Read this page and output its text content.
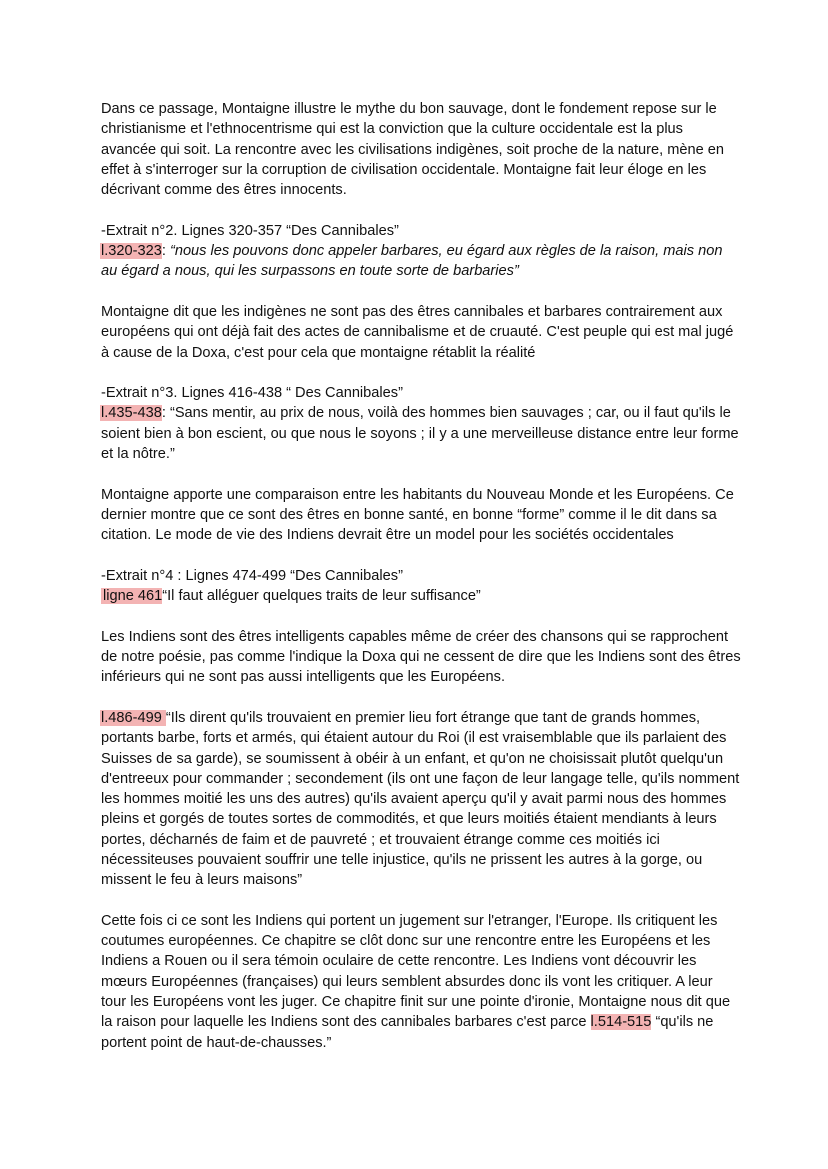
Dans ce passage, Montaigne illustre le mythe du bon sauvage, dont le fondement repose sur le christianisme et l'ethnocentrisme qui est la conviction que la culture occidentale est la plus avancée qui soit. La rencontre avec les civilisations indigènes, soit proche de la nature, mène en effet à s'interroger sur la corruption de civilisation occidentale. Montaigne fait leur éloge en les décrivant comme des êtres innocents.

-Extrait n°2. Lignes 320-357 “Des Cannibales”

l.320-323: “nous les pouvons donc appeler barbares, eu égard aux règles de la raison, mais non au égard a nous, qui les surpassons en toute sorte de barbaries”

Montaigne dit que les indigènes ne sont pas des êtres cannibales et barbares contrairement aux européens qui ont déjà fait des actes de cannibalisme et de cruauté. C'est peuple qui est mal jugé à cause de la Doxa, c'est pour cela que montaigne rétablit la réalité

-Extrait n°3. Lignes 416-438 “ Des Cannibales”

l.435-438: “Sans mentir, au prix de nous, voilà des hommes bien sauvages ; car, ou il faut qu'ils le soient bien à bon escient, ou que nous le soyons ; il y a une merveilleuse distance entre leur forme et la nôtre.”

Montaigne apporte une comparaison entre les habitants du Nouveau Monde et les Européens. Ce dernier montre que ce sont des êtres en bonne santé, en bonne “forme” comme il le dit dans sa citation. Le mode de vie des Indiens devrait être un model pour les sociétés occidentales

-Extrait n°4 : Lignes 474-499 “Des Cannibales”

ligne 461“Il faut alléguer quelques traits de leur suffisance”

Les Indiens sont des êtres intelligents capables même de créer des chansons qui se rapprochent de notre poésie, pas comme l'indique la Doxa qui ne cessent de dire que les Indiens sont des êtres inférieurs qui ne sont pas aussi intelligents que les Européens.

l.486-499 “Ils dirent qu'ils trouvaient en premier lieu fort étrange que tant de grands hommes, portants barbe, forts et armés, qui étaient autour du Roi (il est vraisemblable que ils parlaient des Suisses de sa garde), se soumissent à obéir à un enfant, et qu'on ne choisissait plutôt quelqu'un d'entreeux pour commander ; secondement (ils ont une façon de leur langage telle, qu'ils nomment les hommes moitié les uns des autres) qu'ils avaient aperçu qu'il y avait parmi nous des hommes pleins et gorgés de toutes sortes de commodités, et que leurs moitiés étaient mendiants à leurs portes, décharnés de faim et de pauvreté ; et trouvaient étrange comme ces moitiés ici nécessiteuses pouvaient souffrir une telle injustice, qu'ils ne prissent les autres à la gorge, ou missent le feu à leurs maisons”

Cette fois ci ce sont les Indiens qui portent un jugement sur l'etranger, l'Europe. Ils critiquent les coutumes européennes. Ce chapitre se clôt donc sur une rencontre entre les Européens et les Indiens a Rouen ou il sera témoin oculaire de cette rencontre. Les Indiens vont découvrir les mœurs Européennes (françaises) qui leurs semblent absurdes donc ils vont les critiquer. A leur tour les Européens vont les juger. Ce chapitre finit sur une pointe d'ironie, Montaigne nous dit que la raison pour laquelle les Indiens sont des cannibales barbares c'est parce l.514-515 “qu'ils ne portent point de haut-de-chausses.”
